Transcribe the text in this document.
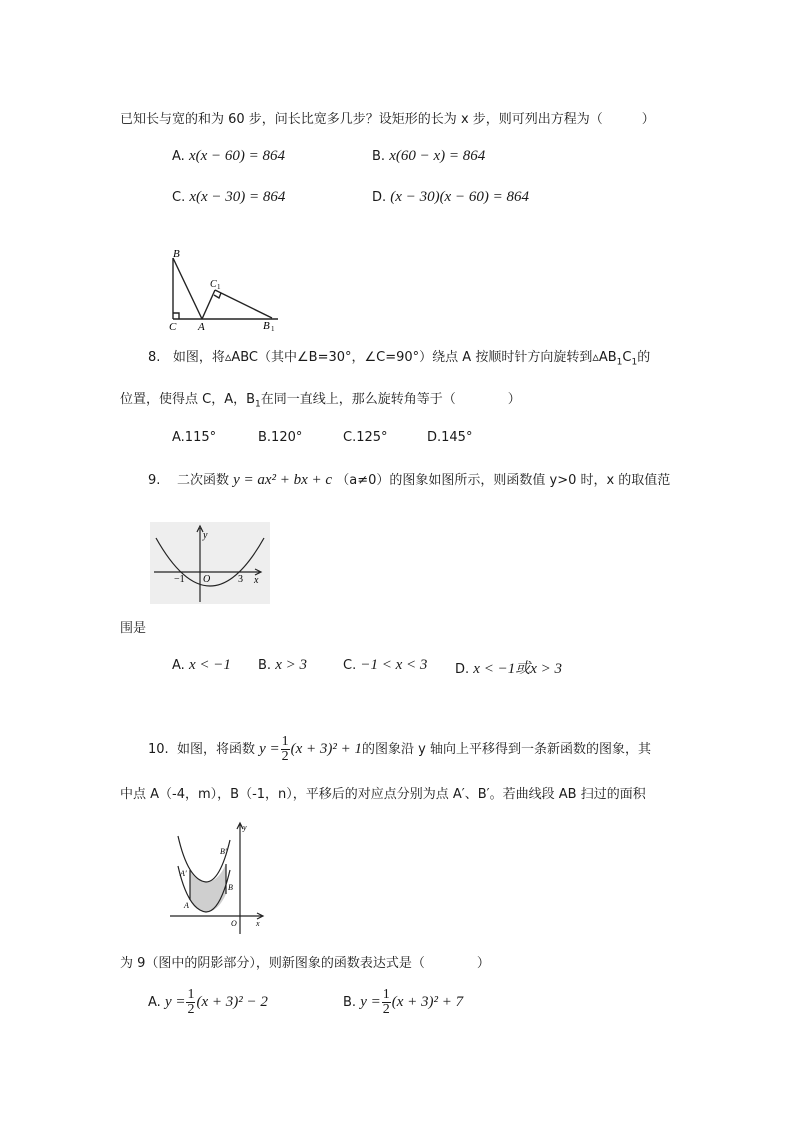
已知长与宽的和为 60 步，问长比宽多几步？设矩形的长为 x 步，则可列出方程为（　　　）
A. x(x − 60) = 864	B. x(60 − x) = 864
C. x(x − 30) = 864	D. (x − 30)(x − 60) = 864
B
C A
C 1
B 1
8. 如图，将▵ABC（其中∠B=30°，∠C=90°）绕点 A 按顺时针方向旋转到$▵AB_1C_1$的
位置，使得点 C，A，$B_1$在同一直线上，那么旋转角等于（　　　　）
A.115°	B.120°	C.125°	D.145°
9. 二次函数 y = ax² + bx + c （a≠0）的图象如图所示，则函数值 y>0 时，x 的取值范
y
x
−1 O	3
围是
A. x < −1 B. x > 3	C. −1 < x < 3 D. x < −1或x > 3
10. 如图，将函数 $y = \frac{1}{2} (x + 3)^2 + 1$的图象沿 y 轴向上平移得到一条新函数的图象，其
中点 A（-4，m），B（-1，n），平移后的对应点分别为点 A′、B′。若曲线段 AB 扫过的面积
y
x
O
A
A′
B
B′
为 9（图中的阴影部分），则新图象的函数表达式是（　　　　）
A. $y = \frac{1}{2} (x + 3)^2 - 2$	B. $y = \frac{1}{2} (x + 3)^2 + 7$
